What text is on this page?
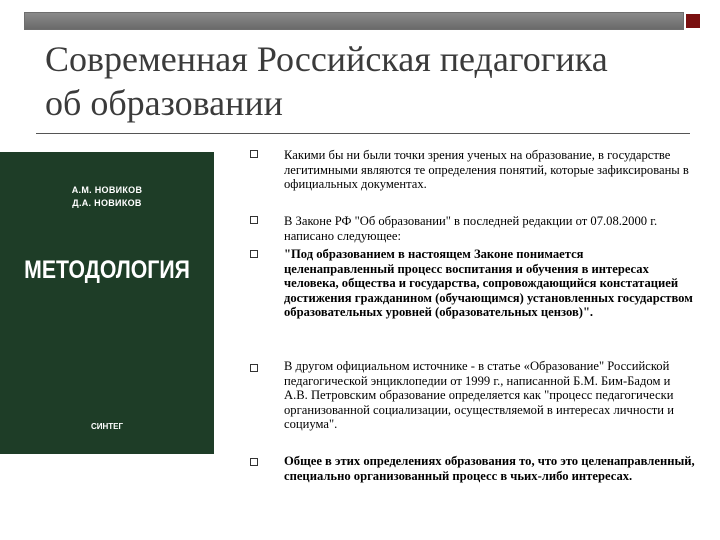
Современная Российская педагогика
об образовании
А.М. НОВИКОВ
Д.А. НОВИКОВ
МЕТОДОЛОГИЯ
СИНТЕГ

Какими бы ни были точки зрения ученых на образование, в государстве легитимными являются те определения понятий, которые зафиксированы в официальных документах.

В Законе РФ "Об образовании" в последней редакции от 07.08.2000 г. написано следующее:

"Под образованием в настоящем Законе понимается целенаправленный процесс воспитания и обучения в интересах человека, общества и государства, сопровождающийся констатацией достижения гражданином (обучающимся) установленных государством образовательных уровней (образовательных цензов)".

В другом официальном источнике - в статье «Образование" Российской педагогической энциклопедии от 1999 г., написанной Б.М. Бим-Бадом и А.В. Петровским образование определяется как "процесс педагогически организованной социализации, осуществляемой в интересах личности и социума".

Общее в этих определениях образования то, что это целенаправленный, специально организованный процесс в чьих-либо интересах.
